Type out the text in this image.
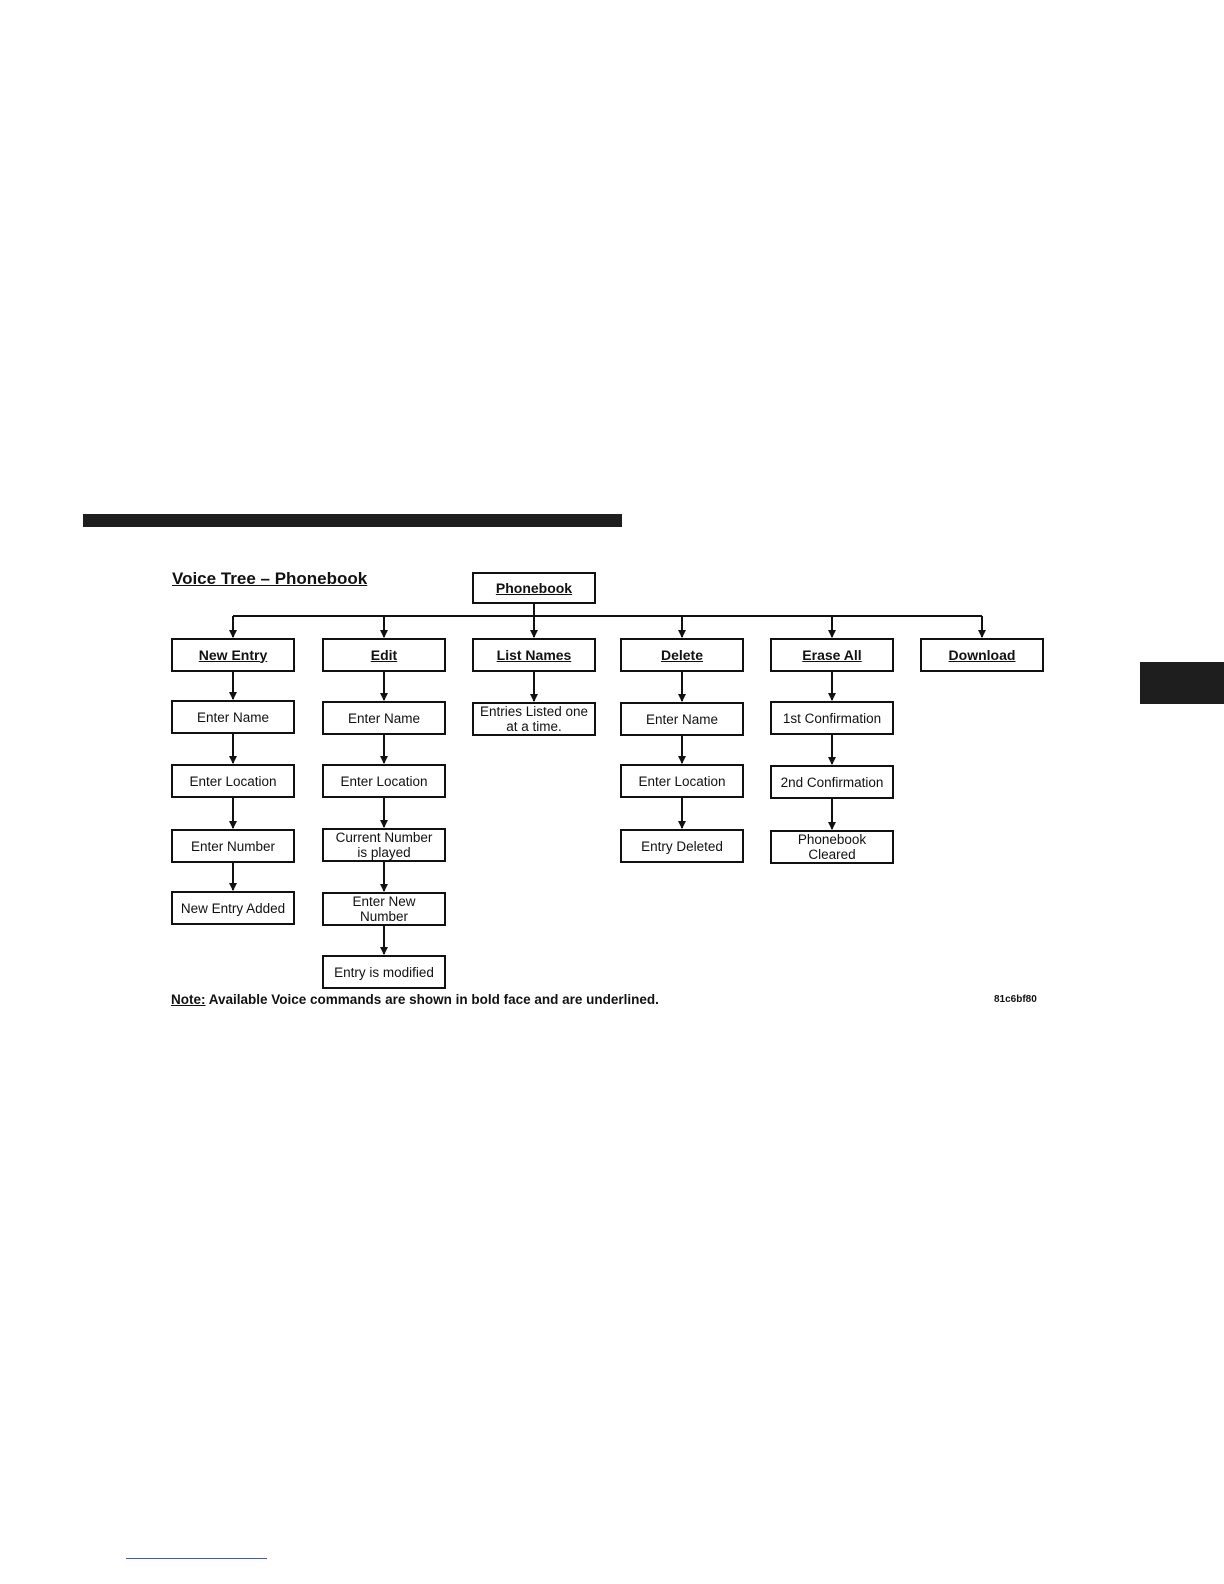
Voice Tree – Phonebook	Phonebook
Note: Available Voice commands are shown in bold face and are underlined.	81c6bf80
New Entry
Enter Name
Enter Location
Enter Number
New Entry Added
Edit
Enter Name
Enter Location
Current Number
is played
Enter New
Number
Entry is modified
List Names
Entries Listed one
at a time.
Delete
Enter Name
Enter Location
Entry Deleted
Erase All
1st Confirmation
2nd Confirmation
Phonebook
Cleared
Download
